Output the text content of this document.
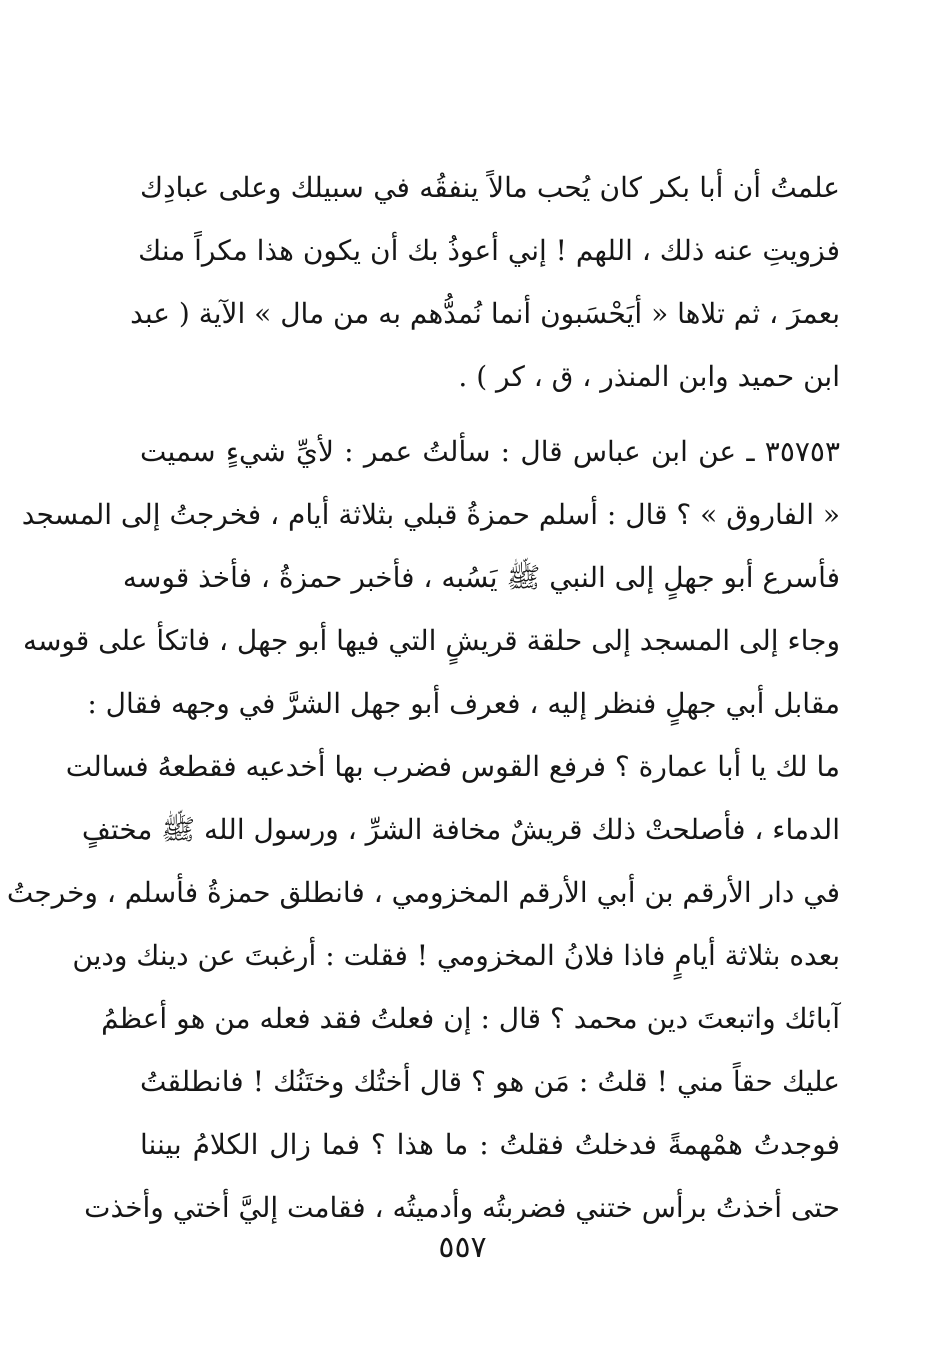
علمتُ أن أبا بكر كان يُحب مالاً ينفقُه في سبيلك وعلى عبادِك
فزويتِ عنه ذلك ، اللهم ! إني أعوذُ بك أن يكون هذا مكراً منك
بعمرَ ، ثم تلاها « أيَحْسَبون أنما نُمدُّهم به من مال » الآية ( عبد
ابن حميد وابن المنذر ، ق ، كر ) .
٣٥٧٥٣ ـ عن ابن عباس قال : سألتُ عمر : لأيِّ شيءٍ سميت
« الفاروق » ؟ قال : أسلم حمزةُ قبلي بثلاثة أيام ، فخرجتُ إلى المسجد
فأسرع أبو جهلٍ إلى النبي ﷺ يَسُبه ، فأخبر حمزةُ ، فأخذ قوسه
وجاء إلى المسجد إلى حلقة قريشٍ التي فيها أبو جهل ، فاتكأ على قوسه
مقابل أبي جهلٍ فنظر إليه ، فعرف أبو جهل الشرَّ في وجهه فقال :
ما لك يا أبا عمارة ؟ فرفع القوس فضرب بها أخدعيه فقطعهُ فسالت
الدماء ، فأصلحتْ ذلك قريشٌ مخافة الشرِّ ، ورسول الله ﷺ مختفٍ
في دار الأرقم بن أبي الأرقم المخزومي ، فانطلق حمزةُ فأسلم ، وخرجتُ
بعده بثلاثة أيامٍ فاذا فلانُ المخزومي ! فقلت : أرغبتَ عن دينك ودين
آبائك واتبعتَ دين محمد ؟ قال : إن فعلتُ فقد فعله من هو أعظمُ
عليك حقاً مني ! قلتُ : مَن هو ؟ قال أختُك وختَنُك ! فانطلقتُ
فوجدتُ همْهمةً فدخلتُ فقلتُ : ما هذا ؟ فما زال الكلامُ بيننا
حتى أخذتُ برأس ختني فضربتُه وأدميتُه ، فقامت إليَّ أختي وأخذت
٥٥٧
